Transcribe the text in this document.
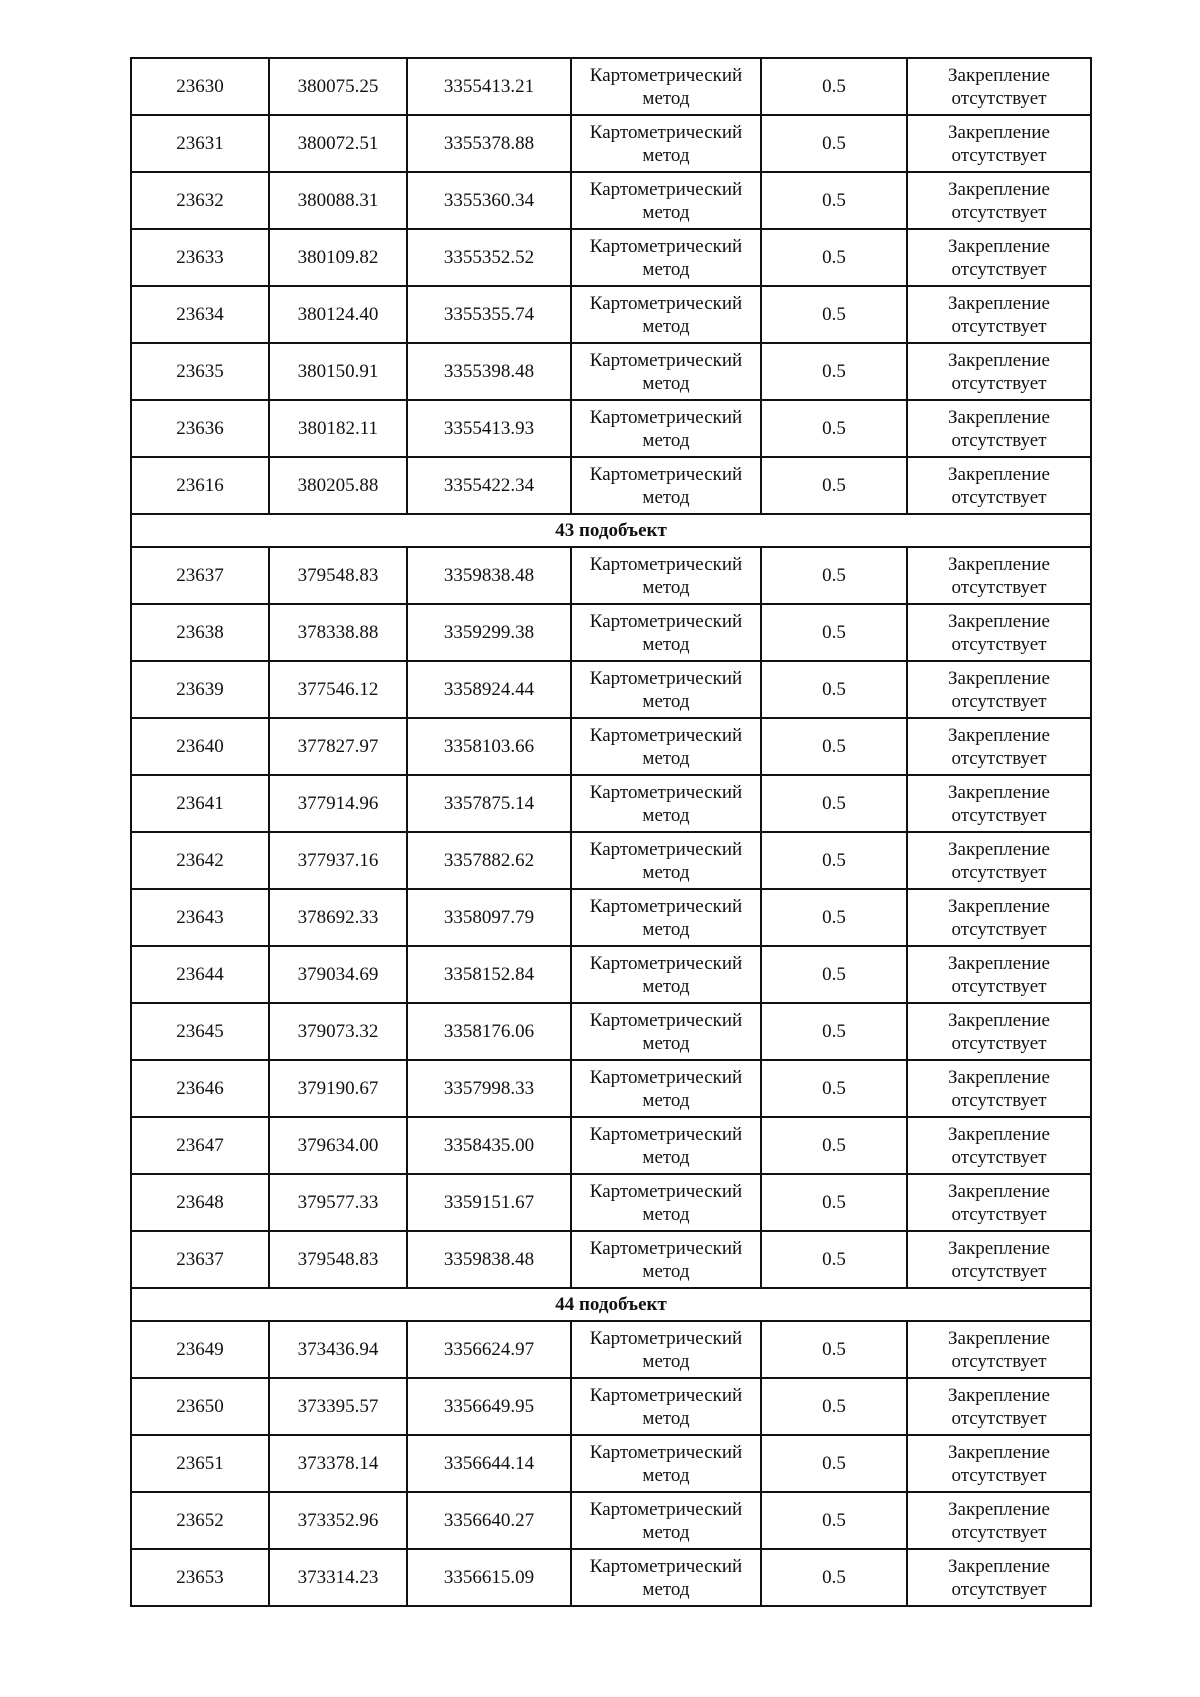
23630	380075.25	3355413.21	Картометрический метод	0.5	Закрепление отсутствует
23631	380072.51	3355378.88	Картометрический метод	0.5	Закрепление отсутствует
23632	380088.31	3355360.34	Картометрический метод	0.5	Закрепление отсутствует
23633	380109.82	3355352.52	Картометрический метод	0.5	Закрепление отсутствует
23634	380124.40	3355355.74	Картометрический метод	0.5	Закрепление отсутствует
23635	380150.91	3355398.48	Картометрический метод	0.5	Закрепление отсутствует
23636	380182.11	3355413.93	Картометрический метод	0.5	Закрепление отсутствует
23616	380205.88	3355422.34	Картометрический метод	0.5	Закрепление отсутствует
43 подобъект					
23637	379548.83	3359838.48	Картометрический метод	0.5	Закрепление отсутствует
23638	378338.88	3359299.38	Картометрический метод	0.5	Закрепление отсутствует
23639	377546.12	3358924.44	Картометрический метод	0.5	Закрепление отсутствует
23640	377827.97	3358103.66	Картометрический метод	0.5	Закрепление отсутствует
23641	377914.96	3357875.14	Картометрический метод	0.5	Закрепление отсутствует
23642	377937.16	3357882.62	Картометрический метод	0.5	Закрепление отсутствует
23643	378692.33	3358097.79	Картометрический метод	0.5	Закрепление отсутствует
23644	379034.69	3358152.84	Картометрический метод	0.5	Закрепление отсутствует
23645	379073.32	3358176.06	Картометрический метод	0.5	Закрепление отсутствует
23646	379190.67	3357998.33	Картометрический метод	0.5	Закрепление отсутствует
23647	379634.00	3358435.00	Картометрический метод	0.5	Закрепление отсутствует
23648	379577.33	3359151.67	Картометрический метод	0.5	Закрепление отсутствует
23637	379548.83	3359838.48	Картометрический метод	0.5	Закрепление отсутствует
44 подобъект					
23649	373436.94	3356624.97	Картометрический метод	0.5	Закрепление отсутствует
23650	373395.57	3356649.95	Картометрический метод	0.5	Закрепление отсутствует
23651	373378.14	3356644.14	Картометрический метод	0.5	Закрепление отсутствует
23652	373352.96	3356640.27	Картометрический метод	0.5	Закрепление отсутствует
23653	373314.23	3356615.09	Картометрический метод	0.5	Закрепление отсутствует
